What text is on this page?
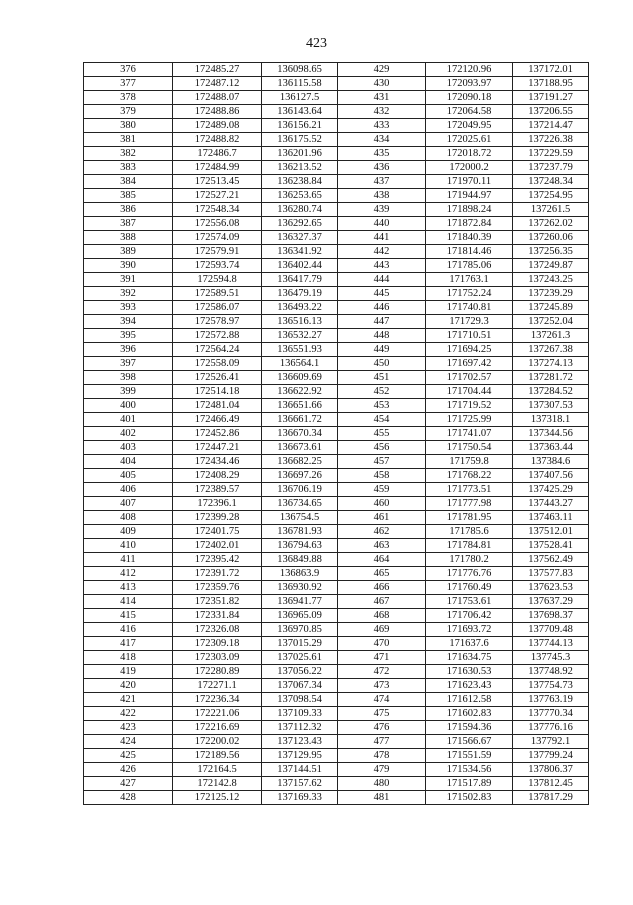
423
376	172485.27	136098.65	429	172120.96	137172.01
377	172487.12	136115.58	430	172093.97	137188.95
378	172488.07	136127.5	431	172090.18	137191.27
379	172488.86	136143.64	432	172064.58	137206.55
380	172489.08	136156.21	433	172049.95	137214.47
381	172488.82	136175.52	434	172025.61	137226.38
382	172486.7	136201.96	435	172018.72	137229.59
383	172484.99	136213.52	436	172000.2	137237.79
384	172513.45	136238.84	437	171970.11	137248.34
385	172527.21	136253.65	438	171944.97	137254.95
386	172548.34	136280.74	439	171898.24	137261.5
387	172556.08	136292.65	440	171872.84	137262.02
388	172574.09	136327.37	441	171840.39	137260.06
389	172579.91	136341.92	442	171814.46	137256.35
390	172593.74	136402.44	443	171785.06	137249.87
391	172594.8	136417.79	444	171763.1	137243.25
392	172589.51	136479.19	445	171752.24	137239.29
393	172586.07	136493.22	446	171740.81	137245.89
394	172578.97	136516.13	447	171729.3	137252.04
395	172572.88	136532.27	448	171710.51	137261.3
396	172564.24	136551.93	449	171694.25	137267.38
397	172558.09	136564.1	450	171697.42	137274.13
398	172526.41	136609.69	451	171702.57	137281.72
399	172514.18	136622.92	452	171704.44	137284.52
400	172481.04	136651.66	453	171719.52	137307.53
401	172466.49	136661.72	454	171725.99	137318.1
402	172452.86	136670.34	455	171741.07	137344.56
403	172447.21	136673.61	456	171750.54	137363.44
404	172434.46	136682.25	457	171759.8	137384.6
405	172408.29	136697.26	458	171768.22	137407.56
406	172389.57	136706.19	459	171773.51	137425.29
407	172396.1	136734.65	460	171777.98	137443.27
408	172399.28	136754.5	461	171781.95	137463.11
409	172401.75	136781.93	462	171785.6	137512.01
410	172402.01	136794.63	463	171784.81	137528.41
411	172395.42	136849.88	464	171780.2	137562.49
412	172391.72	136863.9	465	171776.76	137577.83
413	172359.76	136930.92	466	171760.49	137623.53
414	172351.82	136941.77	467	171753.61	137637.29
415	172331.84	136965.09	468	171706.42	137698.37
416	172326.08	136970.85	469	171693.72	137709.48
417	172309.18	137015.29	470	171637.6	137744.13
418	172303.09	137025.61	471	171634.75	137745.3
419	172280.89	137056.22	472	171630.53	137748.92
420	172271.1	137067.34	473	171623.43	137754.73
421	172236.34	137098.54	474	171612.58	137763.19
422	172221.06	137109.33	475	171602.83	137770.34
423	172216.69	137112.32	476	171594.36	137776.16
424	172200.02	137123.43	477	171566.67	137792.1
425	172189.56	137129.95	478	171551.59	137799.24
426	172164.5	137144.51	479	171534.56	137806.37
427	172142.8	137157.62	480	171517.89	137812.45
428	172125.12	137169.33	481	171502.83	137817.29
